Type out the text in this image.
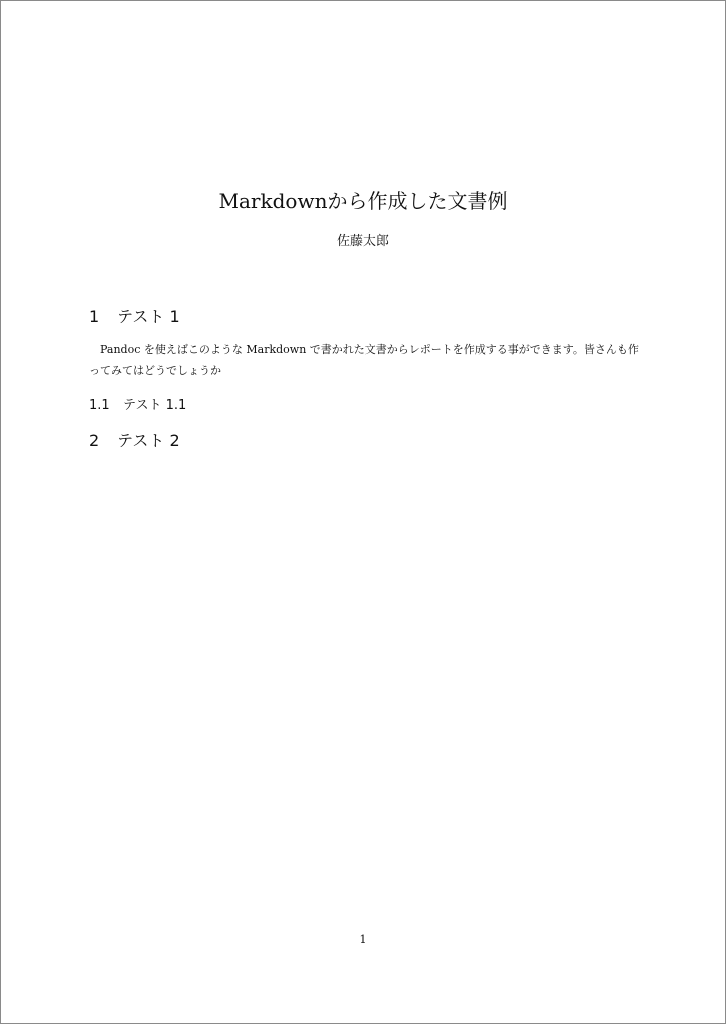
Markdownから作成した文書例
佐藤太郎
1 テスト 1
Pandoc を使えばこのような Markdown で書かれた文書からレポートを作成する事ができます。皆さんも作ってみてはどうでしょうか
1.1 テスト 1.1
2 テスト 2
1
